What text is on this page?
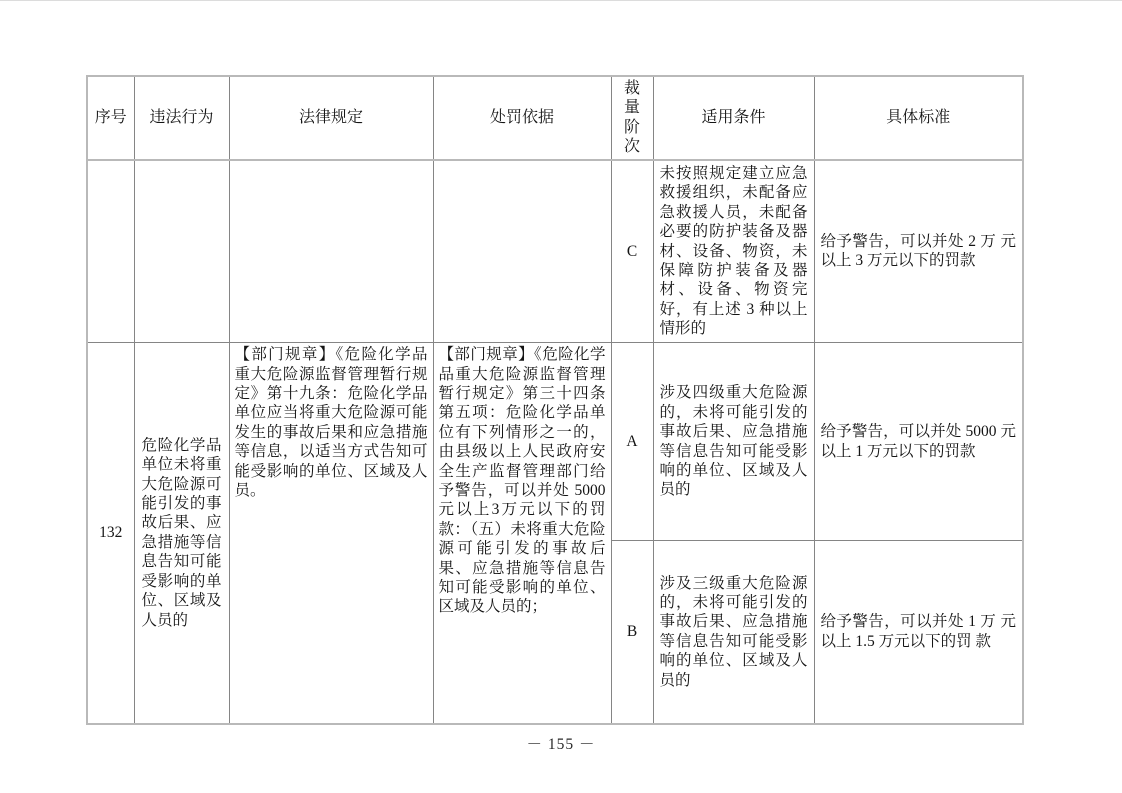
序号	违法行为	法律规定	处罚依据	裁量阶次	适用条件	具体标准
				C	未按照规定建立应急救援组织，未配备应急救援人员，未配备必要的防护装备及器材、设备、物资，未保障防护装备及器材、设备、物资完好，有上述 3 种以上情形的	给予警告，可以并处 2 万 元以上 3 万元以下的罚款
132	危险化学品单位未将重大危险源可能引发的事故后果、应急措施等信息告知可能受影响的单位、区域及人员的	【部门规章】《危险化学品重大危险源监督管理暂行规定》第十九条：危险化学品单位应当将重大危险源可能发生的事故后果和应急措施等信息，以适当方式告知可能受影响的单位、区域及人员。	【部门规章】《危险化学品重大危险源监督管理暂行规定》第三十四条第五项：危险化学品单位有下列情形之一的，由县级以上人民政府安全生产监督管理部门给予警告，可以并处 5000元以上3万元以下的罚款：（五）未将重大危险源可能引发的事故后果、应急措施等信息告知可能受影响的单位、区域及人员的；	A	涉及四级重大危险源的，未将可能引发的事故后果、应急措施等信息告知可能受影响的单位、区域及人员的	给予警告，可以并处 5000 元以上 1 万元以下的罚款
				B	涉及三级重大危险源的，未将可能引发的事故后果、应急措施等信息告知可能受影响的单位、区域及人员的	给予警告，可以并处 1 万 元以上 1.5 万元以下的罚 款
－ 155 －
